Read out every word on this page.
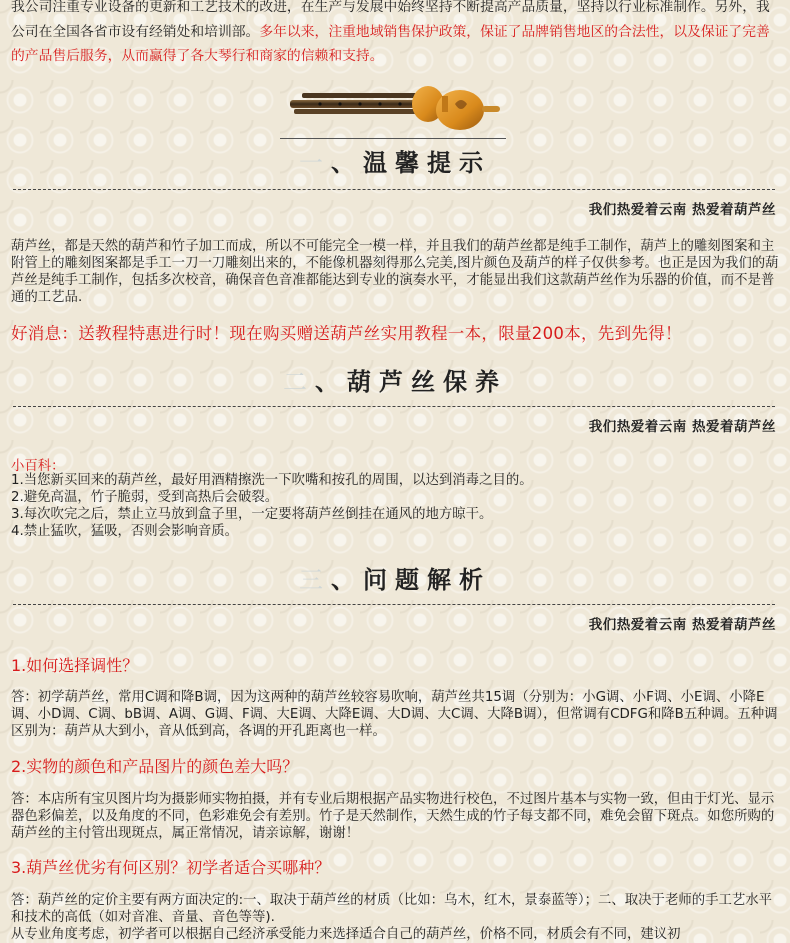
我公司注重专业设备的更新和工艺技术的改进，在生产与发展中始终坚持不断提高产品质量，坚持以行业标准制作。另外，我公司在全国各省市设有经销处和培训部。多年以来，注重地域销售保护政策，保证了品牌销售地区的合法性，以及保证了完善的产品售后服务，从而赢得了各大琴行和商家的信赖和支持。
一、温馨提示
我们热爱着云南 热爱着葫芦丝
葫芦丝，都是天然的葫芦和竹子加工而成，所以不可能完全一模一样，并且我们的葫芦丝都是纯手工制作，葫芦上的雕刻图案和主附管上的雕刻图案都是手工一刀一刀雕刻出来的，不能像机器刻得那么完美,图片颜色及葫芦的样子仅供参考。也正是因为我们的葫芦丝是纯手工制作，包括多次校音，确保音色音准都能达到专业的演奏水平，才能显出我们这款葫芦丝作为乐器的价值，而不是普通的工艺品.
好消息：送教程特惠进行时！现在购买赠送葫芦丝实用教程一本，限量200本，先到先得！
二、葫芦丝保养
我们热爱着云南 热爱着葫芦丝
小百科：
1.当您新买回来的葫芦丝，最好用酒精擦洗一下吹嘴和按孔的周围，以达到消毒之目的。
2.避免高温，竹子脆弱，受到高热后会破裂。
3.每次吹完之后，禁止立马放到盒子里，一定要将葫芦丝倒挂在通风的地方晾干。
4.禁止猛吹，猛吸，否则会影响音质。
三、问题解析
我们热爱着云南 热爱着葫芦丝
1.如何选择调性？
答：初学葫芦丝，常用C调和降B调，因为这两种的葫芦丝较容易吹响，葫芦丝共15调（分别为：小G调、小F调、小E调、小降E调、小D调、C调、bB调、A调、G调、F调、大E调、大降E调、大D调、大C调、大降B调），但常调有CDFG和降B五种调。五种调区别为：葫芦从大到小，音从低到高，各调的开孔距离也一样。
2.实物的颜色和产品图片的颜色差大吗？
答：本店所有宝贝图片均为摄影师实物拍摄，并有专业后期根据产品实物进行校色，不过图片基本与实物一致，但由于灯光、显示器色彩偏差，以及角度的不同，色彩难免会有差别。竹子是天然制作，天然生成的竹子每支都不同，难免会留下斑点。如您所购的葫芦丝的主付管出现斑点，属正常情况，请亲谅解，谢谢！
3.葫芦丝优劣有何区别？初学者适合买哪种？
答：葫芦丝的定价主要有两方面决定的:一、取决于葫芦丝的材质（比如：乌木，红木，景泰蓝等）；二、取决于老师的手工艺水平和技术的高低（如对音准、音量、音色等等).
从专业角度考虑，初学者可以根据自己经济承受能力来选择适合自己的葫芦丝，价格不同，材质会有不同，建议初
